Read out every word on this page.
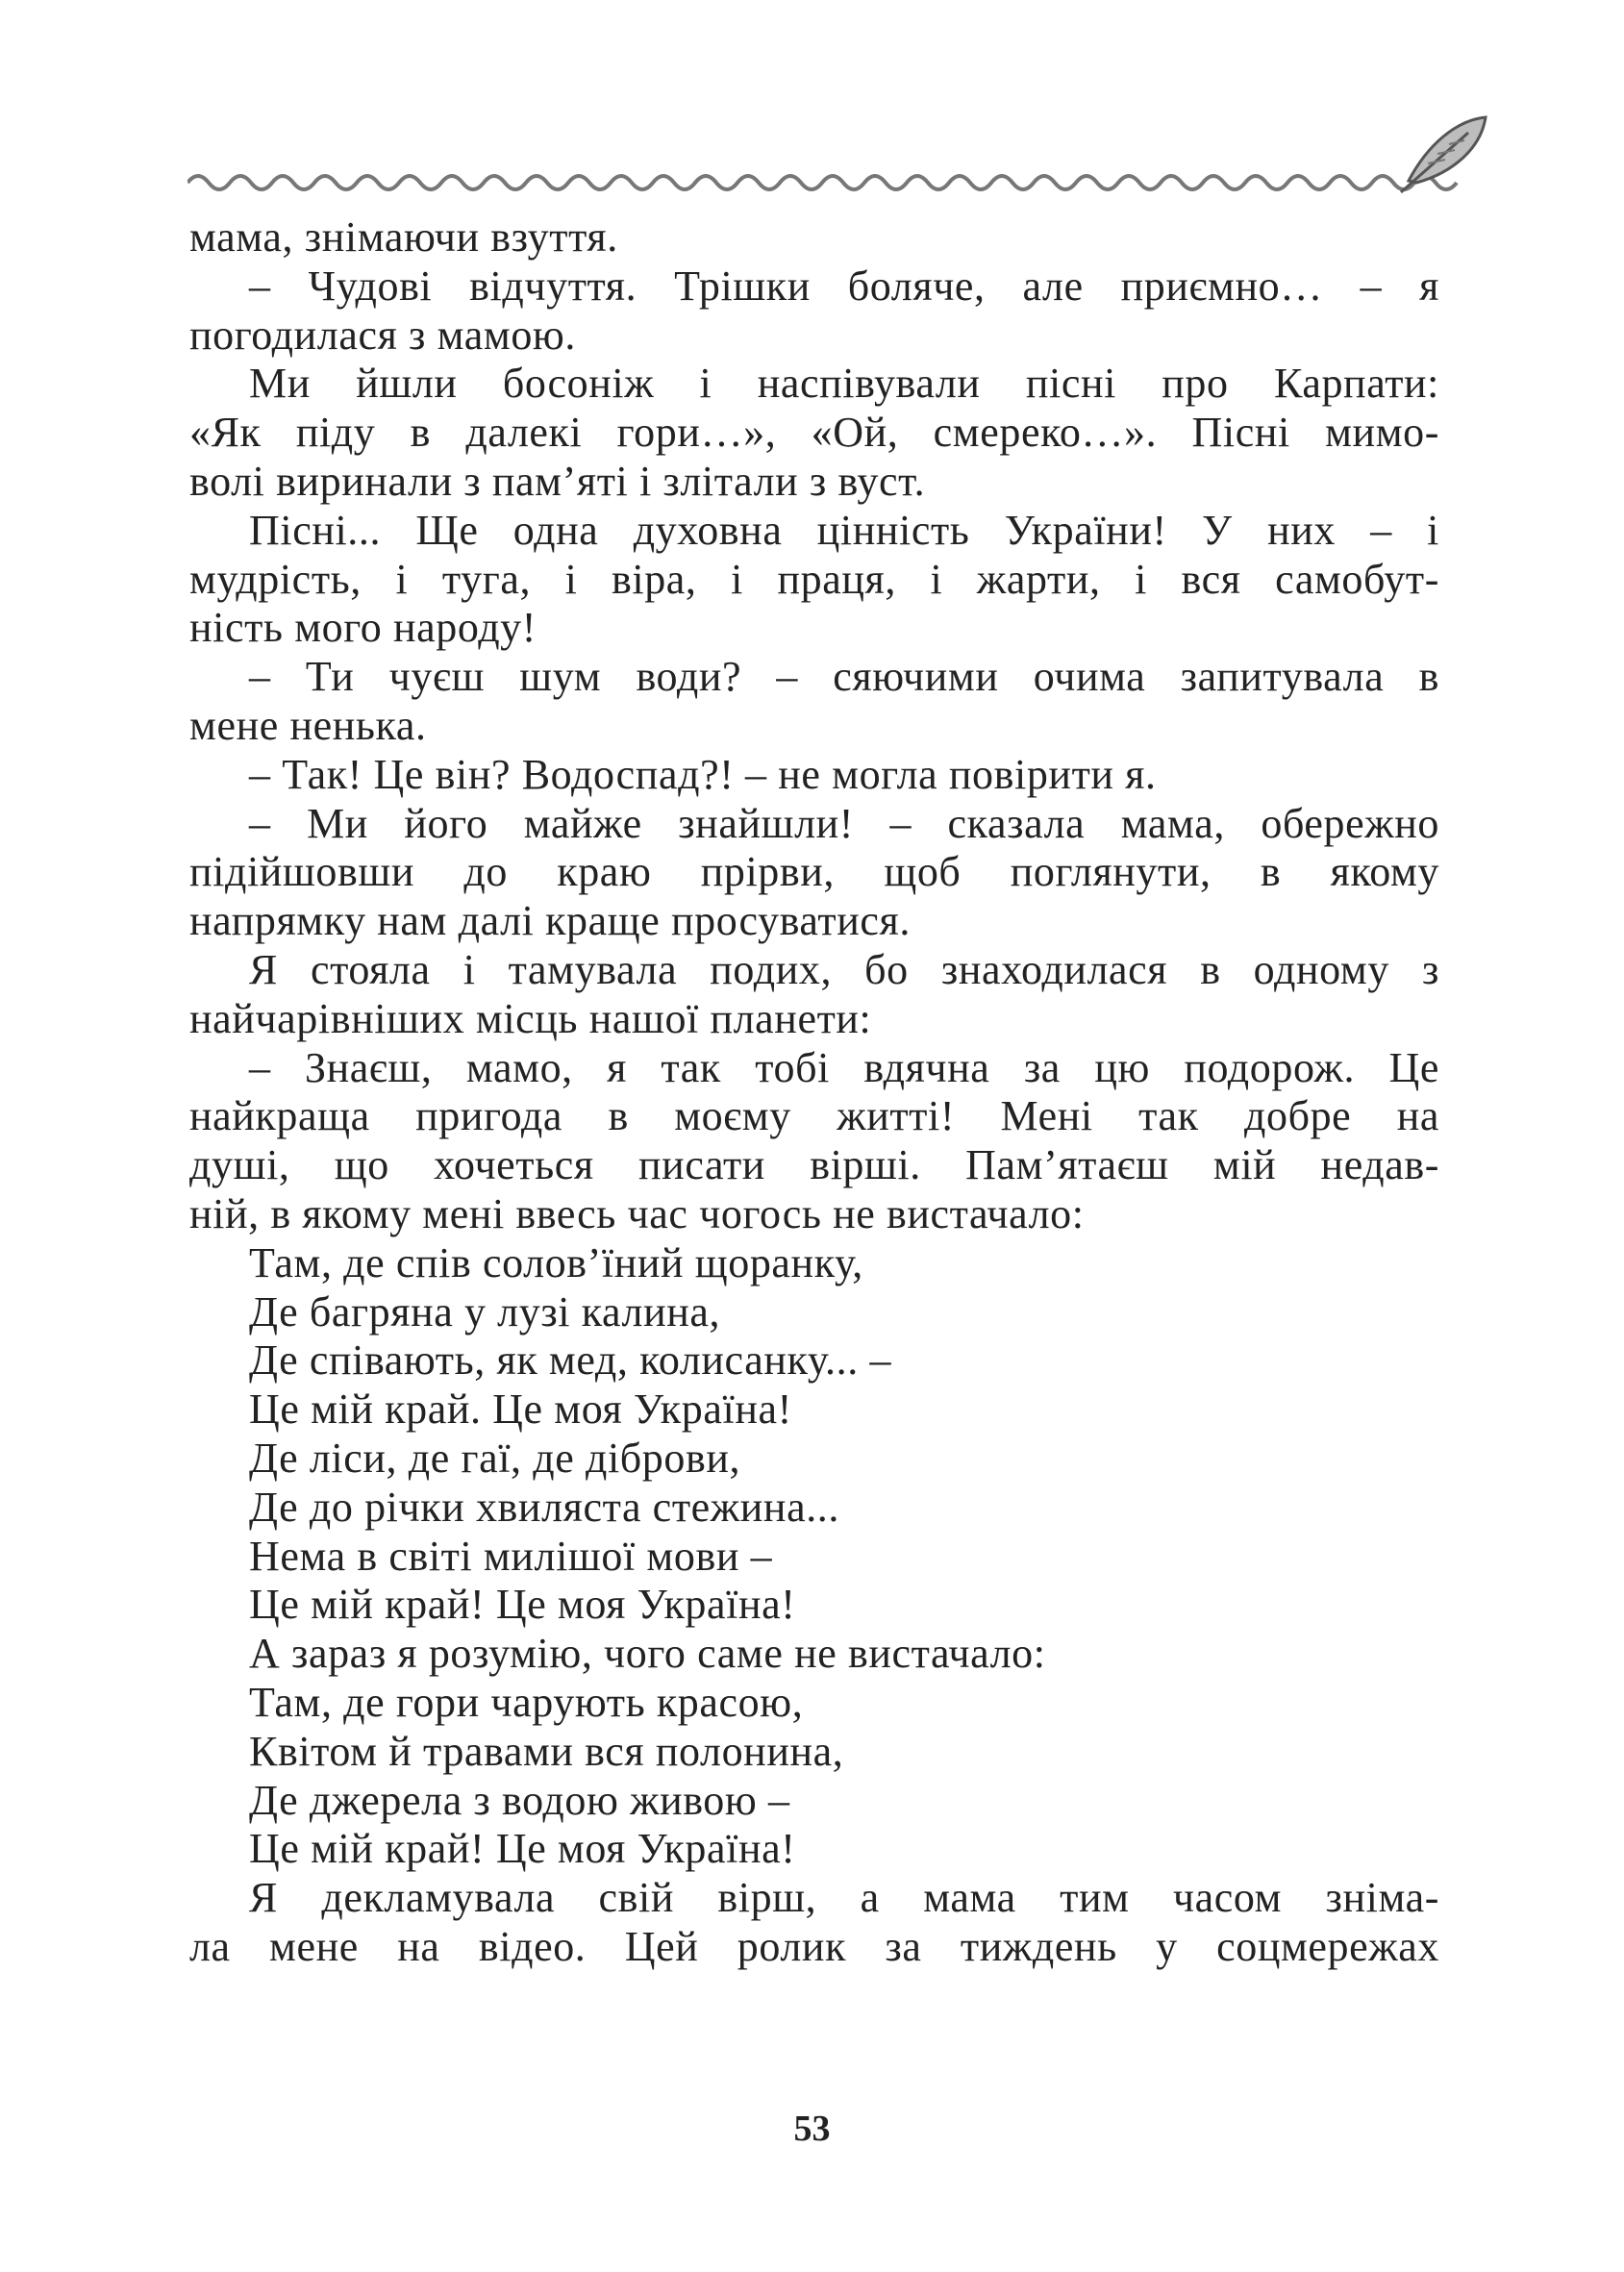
мама, знімаючи взуття.
– Чудові відчуття. Трішки боляче, але приємно… – я
погодилася з мамою.
Ми йшли босоніж і наспівували пісні про Карпати:
«Як піду в далекі гори…», «Ой, смереко…». Пісні мимо-
волі виринали з пам’яті і злітали з вуст.
Пісні... Ще одна духовна цінність України! У них – і
мудрість, і туга, і віра, і праця, і жарти, і вся самобут-
ність мого народу!
– Ти чуєш шум води? – сяючими очима запитувала в
мене ненька.
– Так! Це він? Водоспад?! – не могла повірити я.
– Ми його майже знайшли! – сказала мама, обережно
підійшовши до краю прірви, щоб поглянути, в якому
напрямку нам далі краще просуватися.
Я стояла і тамувала подих, бо знаходилася в одному з
найчарівніших місць нашої планети:
– Знаєш, мамо, я так тобі вдячна за цю подорож. Це
найкраща пригода в моєму житті! Мені так добре на
душі, що хочеться писати вірші. Пам’ятаєш мій недав-
ній, в якому мені ввесь час чогось не вистачало:
Там, де спів солов’їний щоранку,
Де багряна у лузі калина,
Де співають, як мед, колисанку... –
Це мій край. Це моя Україна!
Де ліси, де гаї, де діброви,
Де до річки хвиляста стежина...
Нема в світі милішої мови –
Це мій край! Це моя Україна!
А зараз я розумію, чого саме не вистачало:
Там, де гори чарують красою,
Квітом й травами вся полонина,
Де джерела з водою живою –
Це мій край! Це моя Україна!
Я декламувала свій вірш, а мама тим часом зніма-
ла мене на відео. Цей ролик за тиждень у соцмережах
53
